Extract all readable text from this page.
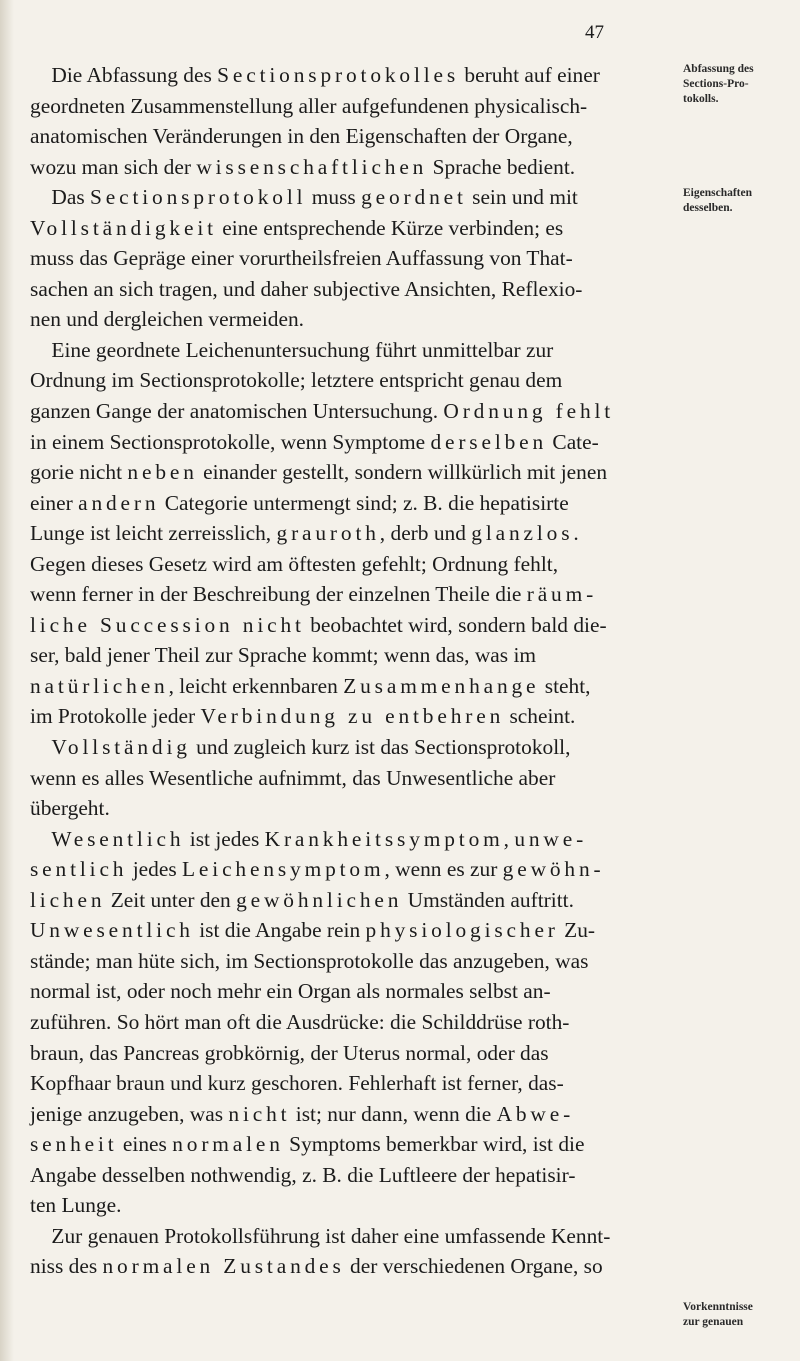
47
 Die Abfassung des Sectionsprotokolles beruht auf einer
geordneten Zusammenstellung aller aufgefundenen physicalisch-
anatomischen Veränderungen in den Eigenschaften der Organe,
wozu man sich der wissenschaftlichen Sprache bedient.
 Das Sectionsprotokoll muss geordnet sein und mit
Vollständigkeit eine entsprechende Kürze verbinden; es
muss das Gepräge einer vorurtheilsfreien Auffassung von That-
sachen an sich tragen, und daher subjective Ansichten, Reflexio-
nen und dergleichen vermeiden.
 Eine geordnete Leichenuntersuchung führt unmittelbar zur
Ordnung im Sectionsprotokolle; letztere entspricht genau dem
ganzen Gange der anatomischen Untersuchung. Ordnung fehlt
in einem Sectionsprotokolle, wenn Symptome derselben Cate-
gorie nicht neben einander gestellt, sondern willkürlich mit jenen
einer andern Categorie untermengt sind; z. B. die hepatisirte
Lunge ist leicht zerreisslich, grauroth, derb und glanzlos.
Gegen dieses Gesetz wird am öftesten gefehlt; Ordnung fehlt,
wenn ferner in der Beschreibung der einzelnen Theile die räum-
liche Succession nicht beobachtet wird, sondern bald die-
ser, bald jener Theil zur Sprache kommt; wenn das, was im
natürlichen, leicht erkennbaren Zusammenhange steht,
im Protokolle jeder Verbindung zu entbehren scheint.
 Vollständig und zugleich kurz ist das Sectionsprotokoll,
wenn es alles Wesentliche aufnimmt, das Unwesentliche aber
übergeht.
 Wesentlich ist jedes Krankheitssymptom, unwe-
sentlich jedes Leichensymptom, wenn es zur gewöhn-
lichen Zeit unter den gewöhnlichen Umständen auftritt.
Unwesentlich ist die Angabe rein physiologischer Zu-
stände; man hüte sich, im Sectionsprotokolle das anzugeben, was
normal ist, oder noch mehr ein Organ als normales selbst an-
zuführen. So hört man oft die Ausdrücke: die Schilddrüse roth-
braun, das Pancreas grobkörnig, der Uterus normal, oder das
Kopfhaar braun und kurz geschoren. Fehlerhaft ist ferner, das-
jenige anzugeben, was nicht ist; nur dann, wenn die Abwe-
senheit eines normalen Symptoms bemerkbar wird, ist die
Angabe desselben nothwendig, z. B. die Luftleere der hepatisir-
ten Lunge.
 Zur genauen Protokollsführung ist daher eine umfassende Kennt-
niss des normalen Zustandes der verschiedenen Organe, so
Abfassung des
Sections-Pro-
tokolls.
Eigenschaften
desselben.
Vorkenntnisse
zur genauen
